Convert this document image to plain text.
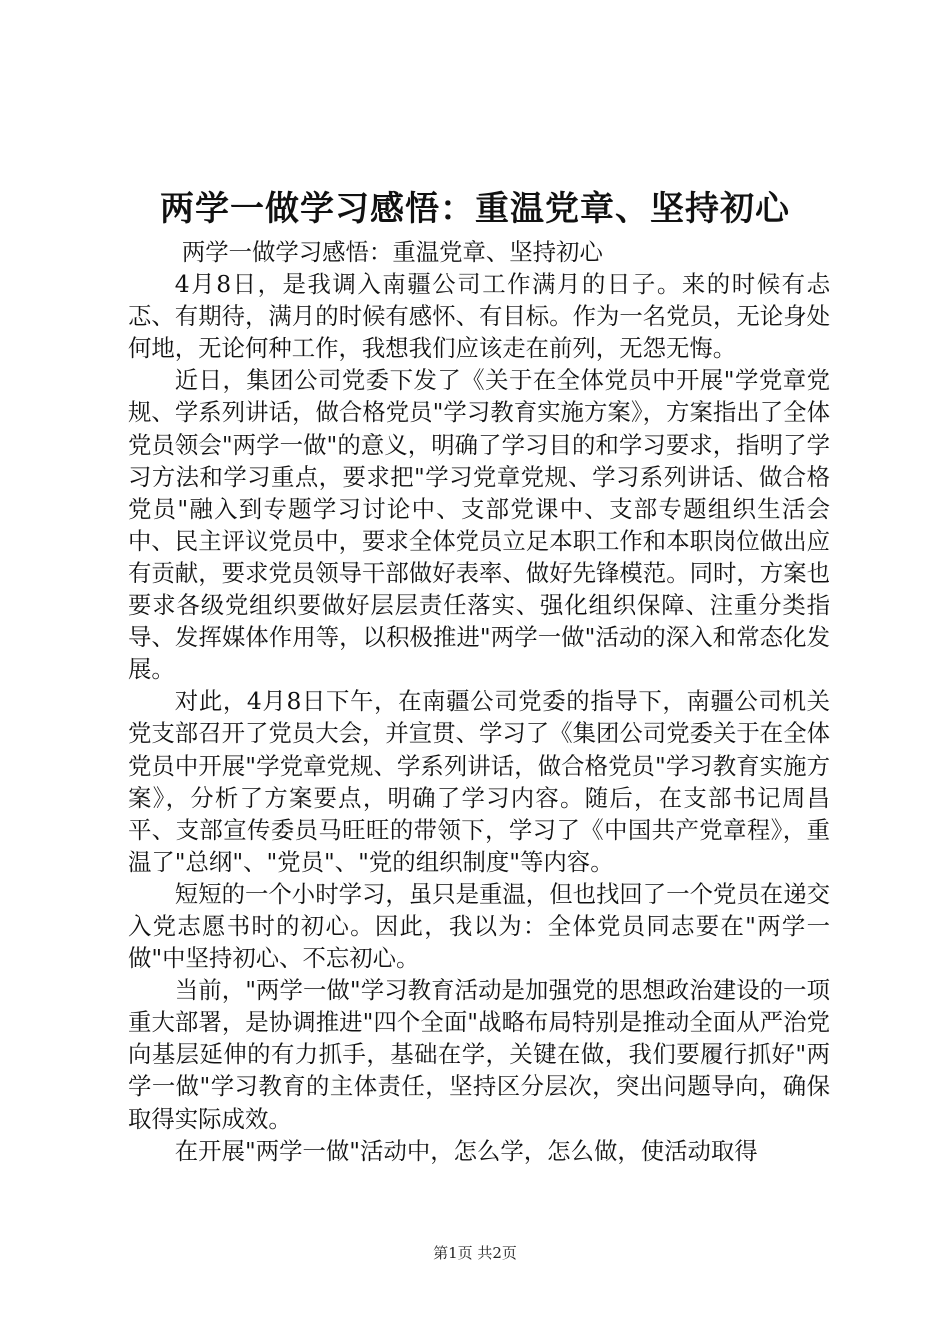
两学一做学习感悟：重温党章、坚持初心

两学一做学习感悟：重温党章、坚持初心

4月8日，是我调入南疆公司工作满月的日子。来的时候有忐忑、有期待，满月的时候有感怀、有目标。作为一名党员，无论身处何地，无论何种工作，我想我们应该走在前列，无怨无悔。

近日，集团公司党委下发了《关于在全体党员中开展"学党章党规、学系列讲话，做合格党员"学习教育实施方案》，方案指出了全体党员领会"两学一做"的意义，明确了学习目的和学习要求，指明了学习方法和学习重点，要求把"学习党章党规、学习系列讲话、做合格党员"融入到专题学习讨论中、支部党课中、支部专题组织生活会中、民主评议党员中，要求全体党员立足本职工作和本职岗位做出应有贡献，要求党员领导干部做好表率、做好先锋模范。同时，方案也要求各级党组织要做好层层责任落实、强化组织保障、注重分类指导、发挥媒体作用等，以积极推进"两学一做"活动的深入和常态化发展。

对此，4月8日下午，在南疆公司党委的指导下，南疆公司机关党支部召开了党员大会，并宣贯、学习了《集团公司党委关于在全体党员中开展"学党章党规、学系列讲话，做合格党员"学习教育实施方案》，分析了方案要点，明确了学习内容。随后，在支部书记周昌平、支部宣传委员马旺旺的带领下，学习了《中国共产党章程》，重温了"总纲"、"党员"、"党的组织制度"等内容。

短短的一个小时学习，虽只是重温，但也找回了一个党员在递交入党志愿书时的初心。因此，我以为：全体党员同志要在"两学一做"中坚持初心、不忘初心。

当前，"两学一做"学习教育活动是加强党的思想政治建设的一项重大部署，是协调推进"四个全面"战略布局特别是推动全面从严治党向基层延伸的有力抓手，基础在学，关键在做，我们要履行抓好"两学一做"学习教育的主体责任，坚持区分层次，突出问题导向，确保取得实际成效。

在开展"两学一做"活动中，怎么学，怎么做，使活动取得

第1页 共2页
